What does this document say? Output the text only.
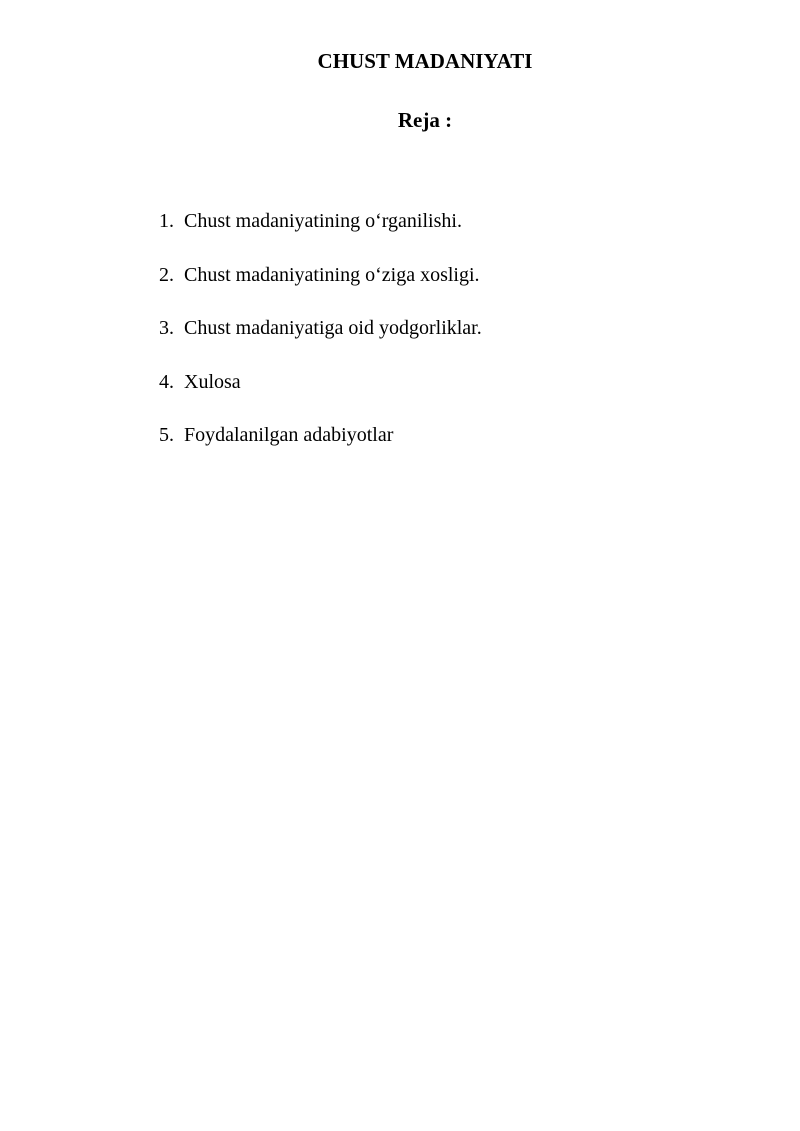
CHUST MADANIYATI
Reja :
1. Chust madaniyatining o‘rganilishi.
2. Chust madaniyatining o‘ziga xosligi.
3. Chust madaniyatiga oid yodgorliklar.
4. Xulosa
5. Foydalanilgan adabiyotlar
